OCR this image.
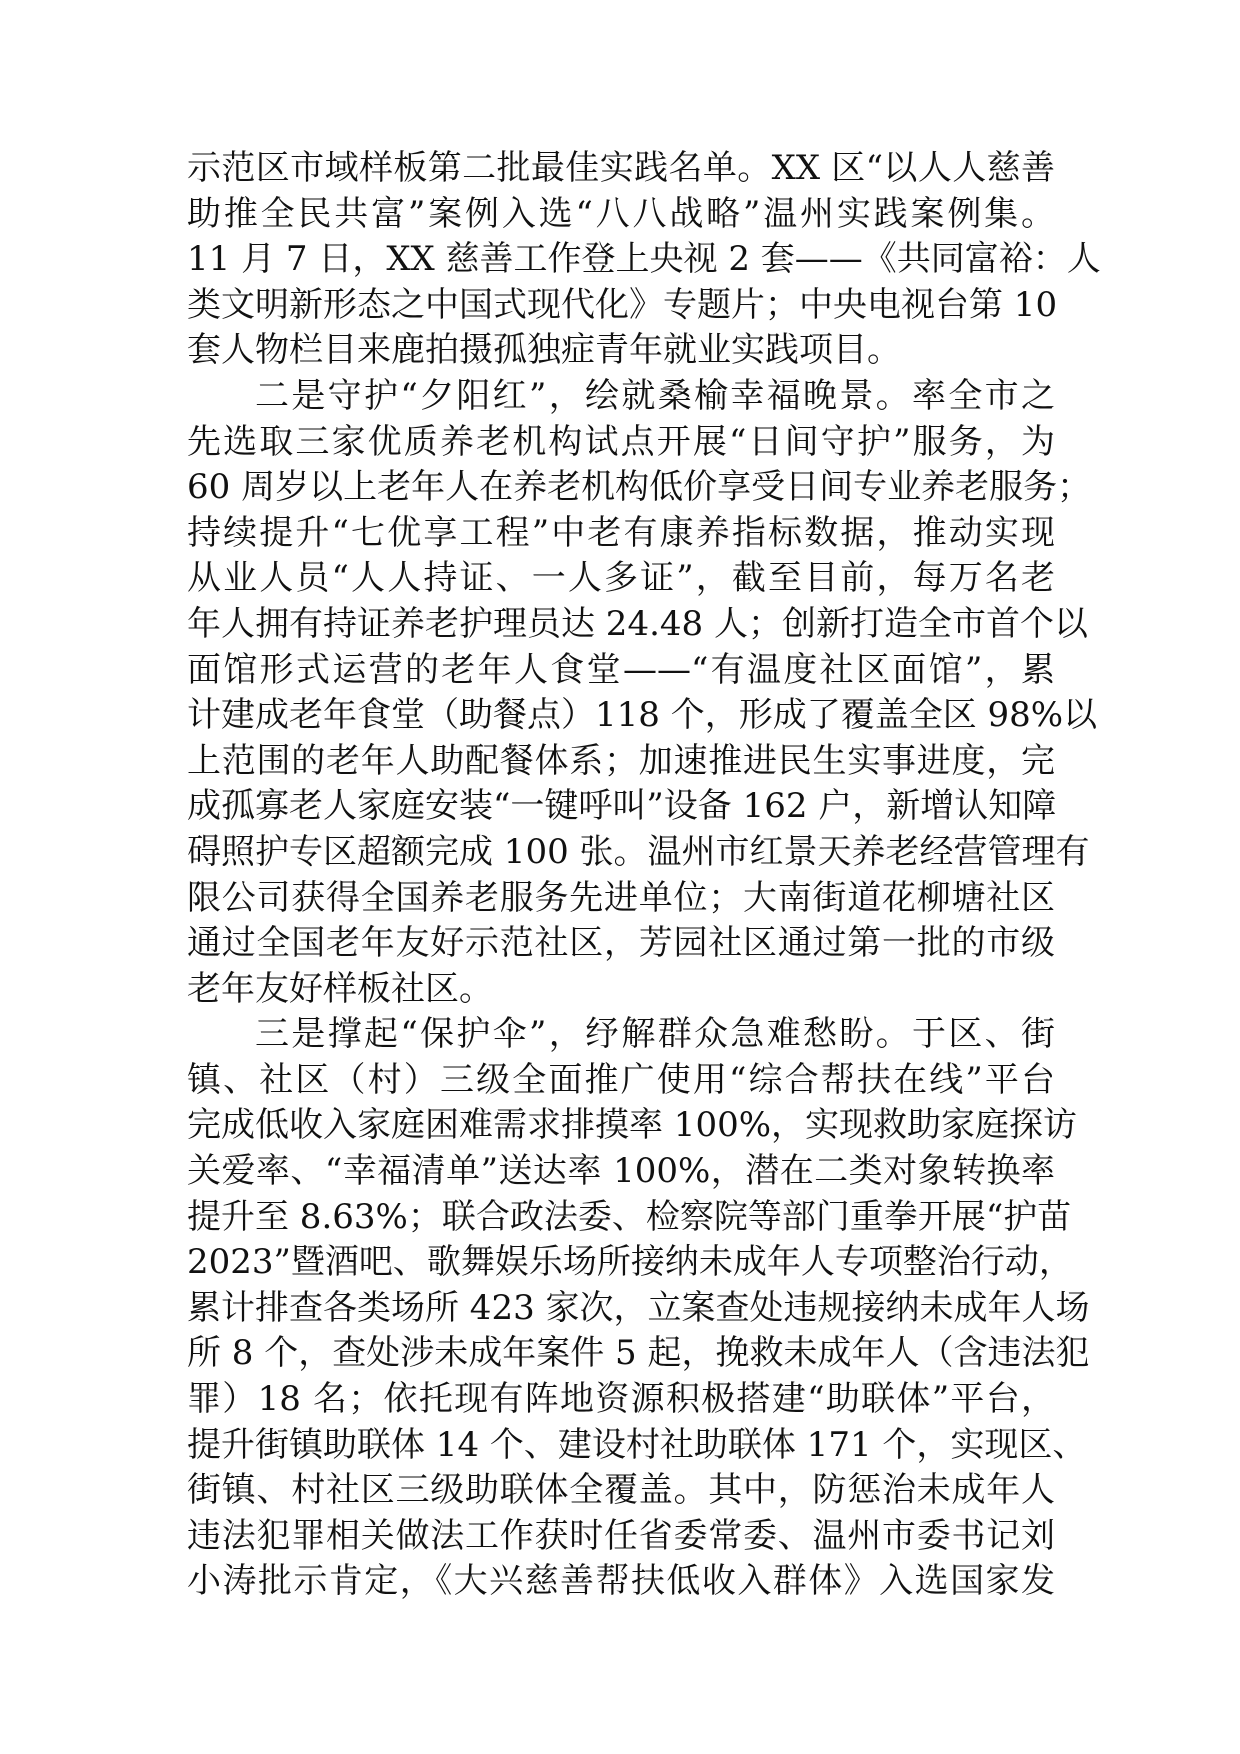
示范区市域样板第二批最佳实践名单。XX 区“以人人慈善
助推全民共富”案例入选“八八战略”温州实践案例集。
11 月 7 日，XX 慈善工作登上央视 2 套——《共同富裕：人
类文明新形态之中国式现代化》专题片；中央电视台第 10
套人物栏目来鹿拍摄孤独症青年就业实践项目。
二是守护“夕阳红”，绘就桑榆幸福晚景。率全市之
先选取三家优质养老机构试点开展“日间守护”服务，为
60 周岁以上老年人在养老机构低价享受日间专业养老服务；
持续提升“七优享工程”中老有康养指标数据，推动实现
从业人员“人人持证、一人多证”，截至目前，每万名老
年人拥有持证养老护理员达 24.48 人；创新打造全市首个以
面馆形式运营的老年人食堂——“有温度社区面馆”，累
计建成老年食堂（助餐点）118 个，形成了覆盖全区 98%以
上范围的老年人助配餐体系；加速推进民生实事进度，完
成孤寡老人家庭安装“一键呼叫”设备 162 户，新增认知障
碍照护专区超额完成 100 张。温州市红景天养老经营管理有
限公司获得全国养老服务先进单位；大南街道花柳塘社区
通过全国老年友好示范社区，芳园社区通过第一批的市级
老年友好样板社区。
三是撑起“保护伞”，纾解群众急难愁盼。于区、街
镇、社区（村）三级全面推广使用“综合帮扶在线”平台
完成低收入家庭困难需求排摸率 100%，实现救助家庭探访
关爱率、“幸福清单”送达率 100%，潜在二类对象转换率
提升至 8.63%；联合政法委、检察院等部门重拳开展“护苗
2023”暨酒吧、歌舞娱乐场所接纳未成年人专项整治行动，
累计排查各类场所 423 家次，立案查处违规接纳未成年人场
所 8 个，查处涉未成年案件 5 起，挽救未成年人（含违法犯
罪）18 名；依托现有阵地资源积极搭建“助联体”平台，
提升街镇助联体 14 个、建设村社助联体 171 个，实现区、
街镇、村社区三级助联体全覆盖。其中，防惩治未成年人
违法犯罪相关做法工作获时任省委常委、温州市委书记刘
小涛批示肯定，《大兴慈善帮扶低收入群体》入选国家发
